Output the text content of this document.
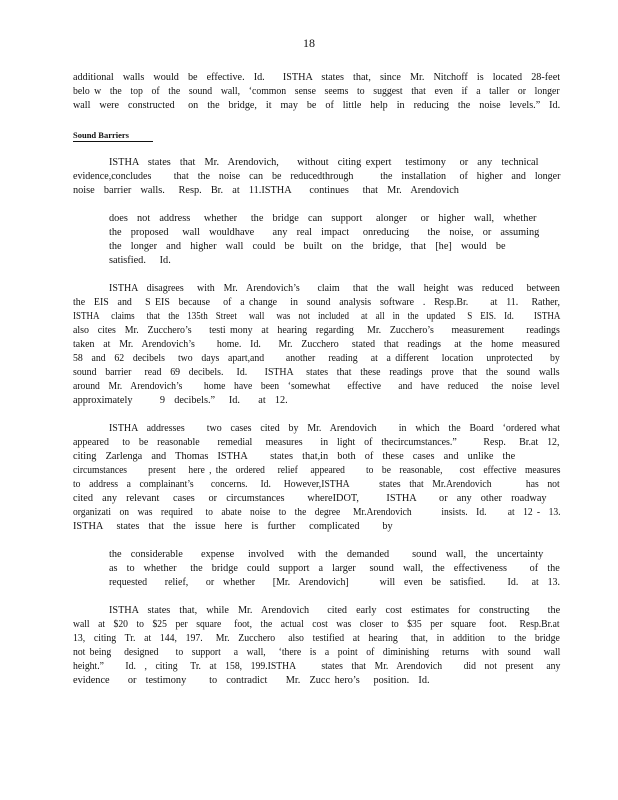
18
additional  walls  would  be  effective.  Id.    ISTHA  states  that,  since  Mr.  Nitchoff  is  located  28-feet
belo w  the  top  of  the  sound  wall,  ‘common  sense  seems  to  suggest  that  even  if  a  taller  or  longer
wall  were  constructed   on  the  bridge,  it  may  be  of  little  help  in  reducing  the  noise  levels.”  Id.
Sound Barriers
ISTHA  states  that  Mr.  Arendovich,    without  citing expert   testimony   or  any  technical
evidence,concludes     that  the  noise  can  be  reducedthrough      the  installation   of  higher  and  longer
noise  barrier  walls.   Resp.  Br.  at  11.ISTHA    continues   that  Mr.  Arendovich
does  not  address   whether   the  bridge  can  support   alonger   or  higher  wall,  whether
the  proposed   wall  wouldhave    any  real  impact   onreducing    the  noise,  or  assuming
the  longer  and  higher  wall  could  be  built  on  the  bridge,  that  [he]  would  be
satisfied.   Id.
ISTHA  disagrees   with  Mr.  Arendovich’s    claim   that  the  wall  height  was  reduced   between
the  EIS  and   S EIS  because   of  a change   in  sound  analysis  software  .  Resp.Br.     at  11.   Rather,
ISTHA   claims   that  the  135th  Street   wall   was  not  included   at  all  in  the  updated   S  EIS.  Id.     ISTHA
also  cites  Mr.  Zucchero’s    testi mony  at  hearing  regarding   Mr.  Zucchero’s    measurement     readings
taken  at  Mr.  Arendovich’s     home.  Id.    Mr.  Zucchero   stated  that  readings   at  the  home  measured
58  and  62  decibels   two  days  apart,and     another   reading   at  a different   location   unprotected    by
sound  barrier   read  69  decibels.   Id.    ISTHA   states  that  these  readings  prove  that  the  sound  walls
around  Mr.  Arendovich’s     home  have  been  ‘somewhat    effective    and  have  reduced   the  noise  level
approximately      9  decibels.”   Id.    at  12.
ISTHA  addresses     two  cases  cited  by  Mr.  Arendovich     in  which  the  Board  ‘ordered what
appeared   to  be  reasonable    remedial   measures    in  light  of  thecircumstances.”      Resp.   Br.at  12,
citing  Zarlenga  and  Thomas  ISTHA     states  that,in  both  of  these  cases  and  unlike  the
circumstances     present   here , the  ordered   relief   appeared     to  be  reasonable,    cost  effective  measures
to  address  a  complainant’s    concerns.   Id.   However,ISTHA       states  that  Mr.Arendovich        has  not
cited  any  relevant   cases   or  circumstances     whereIDOT,      ISTHA     or  any  other  roadway
organizati  on  was  required   to  abate  noise  to  the  degree   Mr.Arendovich       insists.  Id.     at  12 -  13.
ISTHA   states  that  the  issue  here  is  further   complicated     by
the  considerable    expense   involved   with  the  demanded     sound  wall,  the  uncertainty
as  to  whether   the  bridge  could  support  a  larger   sound  wall,  the  effectiveness     of  the
requested    relief,    or  whether    [Mr.  Arendovich]       will  even  be  satisfied.     Id.   at  13.
ISTHA  states  that,  while  Mr.  Arendovich    cited  early  cost  estimates  for  constructing    the
wall  at  $20  to  $25  per  square   foot,  the  actual  cost  was  closer  to  $35  per  square   foot.   Resp.Br.at
13,  citing  Tr.  at  144,  197.   Mr.  Zucchero   also  testified  at  hearing   that,  in  addition   to  the  bridge
not being   designed    to  support   a  wall,   ‘there  is  a  point  of  diminishing   returns   with  sound   wall
height.”     Id.  ,  citing   Tr.  at  158,  199.ISTHA      states  that  Mr.  Arendovich     did  not  present   any
evidence    or  testimony     to  contradict    Mr.  Zucc hero’s   position.  Id.
